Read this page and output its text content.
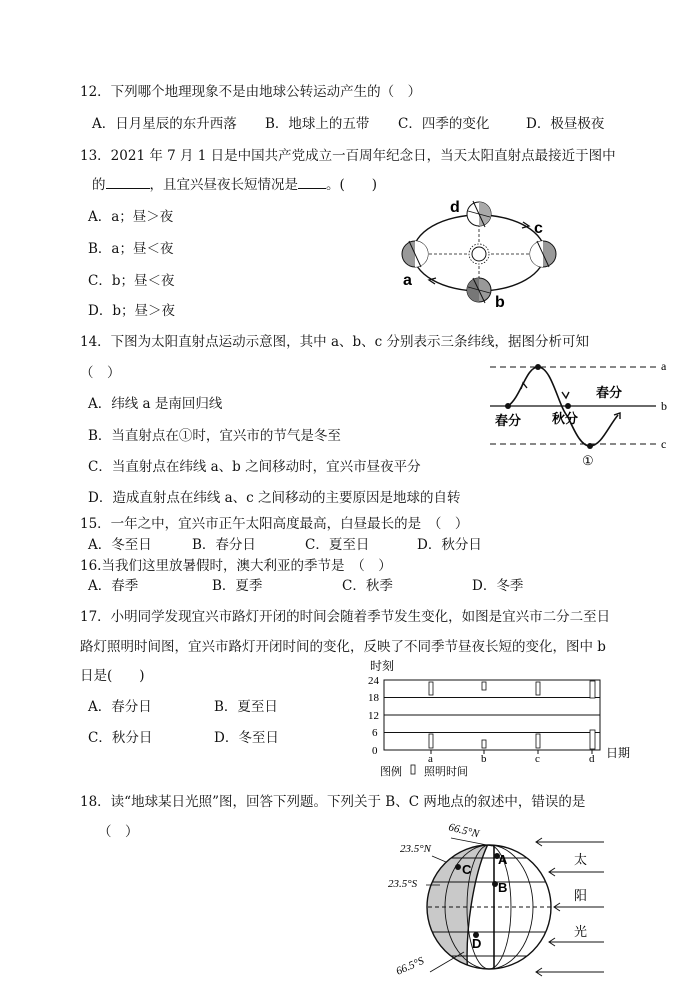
12．下列哪个地理现象不是由地球公转运动产生的（　）
A．日月星辰的东升西落 B．地球上的五带 C．四季的变化	D．极昼极夜
13．2021 年 7 月 1 日是中国共产党成立一百周年纪念日，当天太阳直射点最接近于图中
的	，且宜兴昼夜长短情况是 。(　　)
A．a；昼＞夜
B．a；昼＜夜
C．b；昼＜夜
D．b；昼＞夜
d
a
c
b
14．下图为太阳直射点运动示意图，其中 a、b、c 分别表示三条纬线，据图分析可知
（　）
A．纬线 a 是南回归线
B．当直射点在①时，宜兴市的节气是冬至
C．当直射点在纬线 a、b 之间移动时，宜兴市昼夜平分
D．造成直射点在纬线 a、c 之间移动的主要原因是地球的自转
a
b
c
春分 秋分
春分
①
15．一年之中，宜兴市正午太阳高度最高，白昼最长的是　（　）
A．冬至日	B．春分日	C．夏至日	D．秋分日
16.当我们这里放暑假时，澳大利亚的季节是　（　）
A．春季	B．夏季	C．秋季	D．冬季
17．小明同学发现宜兴市路灯开闭的时间会随着季节发生变化，如图是宜兴市二分二至日
路灯照明时间图，宜兴市路灯开闭时间的变化，反映了不同季节昼夜长短的变化，图中 b
日是(　　)
A．春分日	B．夏至日
C．秋分日	D．冬至日
时刻
24
18
12
6
0
a	b	c	d 日期
图例 照明时间
18．读“地球某日光照”图，回答下列题。下列关于 B、C 两地点的叙述中，错误的是
（　）
A
B
C
D
66.5°N
23.5°N
23.5°S
66.5°S
太
阳
光
